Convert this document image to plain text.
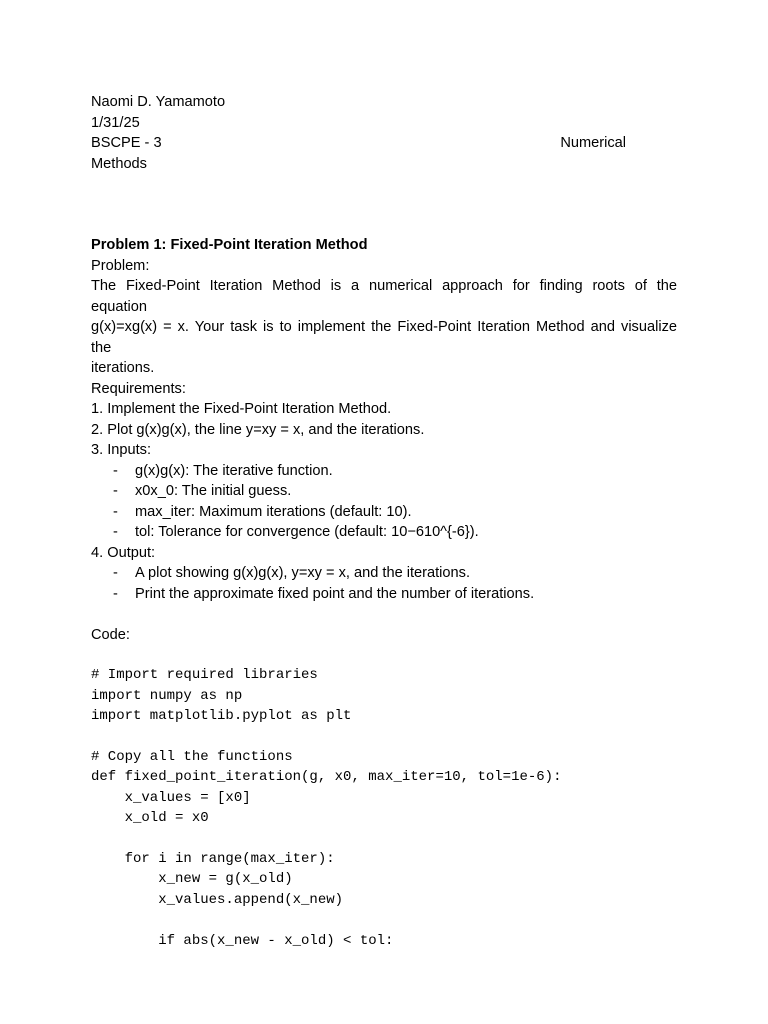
Naomi D. Yamamoto
1/31/25
BSCPE - 3	Numerical
Methods
Problem 1: Fixed-Point Iteration Method
Problem:
The Fixed-Point Iteration Method is a numerical approach for finding roots of the
equation
g(x)=xg(x) = x. Your task is to implement the Fixed-Point Iteration Method and visualize
the
iterations.
Requirements:
1. Implement the Fixed-Point Iteration Method.
2. Plot g(x)g(x), the line y=xy = x, and the iterations.
3. Inputs:
- g(x)g(x): The iterative function.
- x0x_0: The initial guess.
- max_iter: Maximum iterations (default: 10).
- tol: Tolerance for convergence (default: 10−610^{-6}).
4. Output:
- A plot showing g(x)g(x), y=xy = x, and the iterations.
- Print the approximate fixed point and the number of iterations.
Code:

# Import required libraries
import numpy as np
import matplotlib.pyplot as plt

# Copy all the functions
def fixed_point_iteration(g, x0, max_iter=10, tol=1e-6):
x_values = [x0]
x_old = x0

for i in range(max_iter):
x_new = g(x_old)
x_values.append(x_new)

if abs(x_new - x_old) < tol:
